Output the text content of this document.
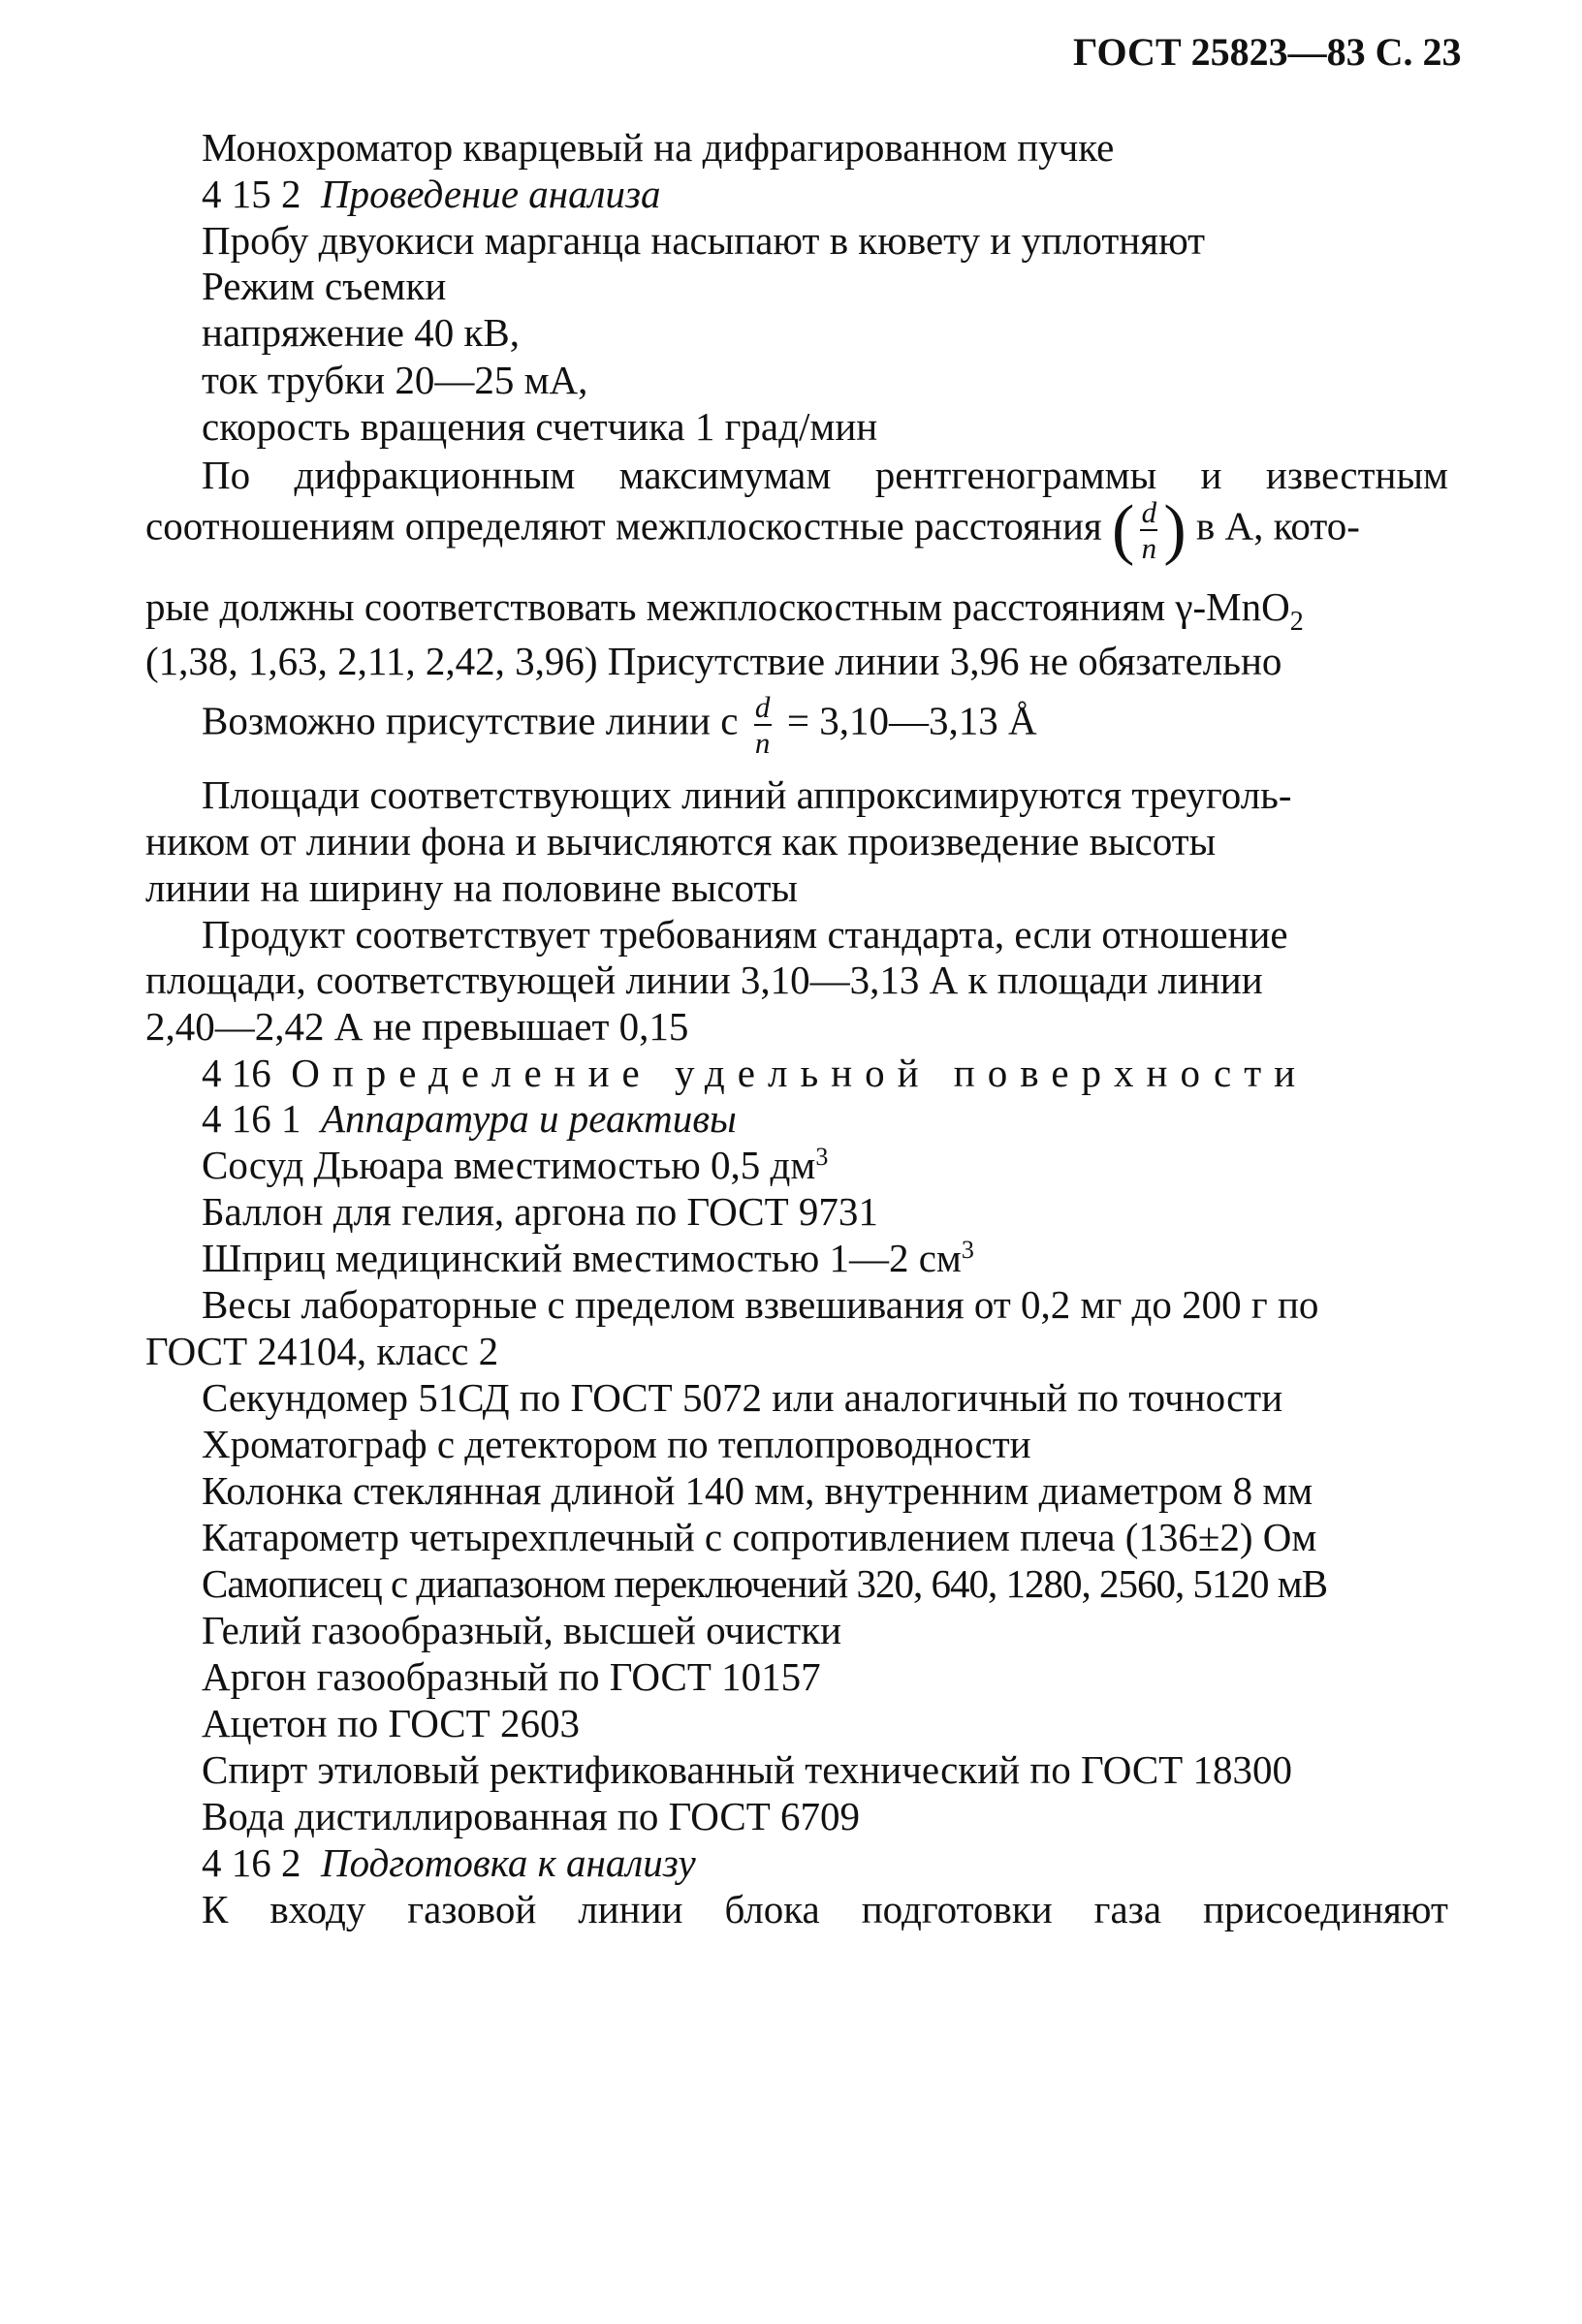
ГОСТ 25823—83 С. 23
Монохроматор кварцевый на дифрагированном пучке
4 15 2 Проведение анализа
Пробу двуокиси марганца насыпают в кювету и уплотняют
Режим съемки
напряжение 40 кВ,
ток трубки 20—25 мА,
скорость вращения счетчика 1 град/мин
По дифракционным максимумам рентгенограммы и известным
соотношениям определяют межплоскостные расстояния ( $\frac{d}{n}$ ) в А, кото-
рые должны соответствовать межплоскостным расстояниям γ-MnO$_2$
(1,38, 1,63, 2,11, 2,42, 3,96) Присутствие линии 3,96 не обязательно
Возможно присутствие линии с $\frac{d}{n}$ = 3,10—3,13 Å
Площади соответствующих линий аппроксимируются треуголь-
ником от линии фона и вычисляются как произведение высоты
линии на ширину на половине высоты
Продукт соответствует требованиям стандарта, если отношение
площади, соответствующей линии 3,10—3,13 А к площади линии
2,40—2,42 А не превышает 0,15
4 16 Определение удельной поверхности
4 16 1 Аппаратура и реактивы
Сосуд Дьюара вместимостью 0,5 $дм^3$
Баллон для гелия, аргона по ГОСТ 9731
Шприц медицинский вместимостью 1—2 $см^3$
Весы лабораторные с пределом взвешивания от 0,2 мг до 200 г по
ГОСТ 24104, класс 2
Секундомер 51СД по ГОСТ 5072 или аналогичный по точности
Хроматограф с детектором по теплопроводности
Колонка стеклянная длиной 140 мм, внутренним диаметром 8 мм
Катарометр четырехплечный с сопротивлением плеча (136±2) Ом
Самописец с диапазоном переключений 320, 640, 1280, 2560, 5120 мВ
Гелий газообразный, высшей очистки
Аргон газообразный по ГОСТ 10157
Ацетон по ГОСТ 2603
Спирт этиловый ректификованный технический по ГОСТ 18300
Вода дистиллированная по ГОСТ 6709
4 16 2 Подготовка к анализу
К входу газовой линии блока подготовки газа присоединяют
